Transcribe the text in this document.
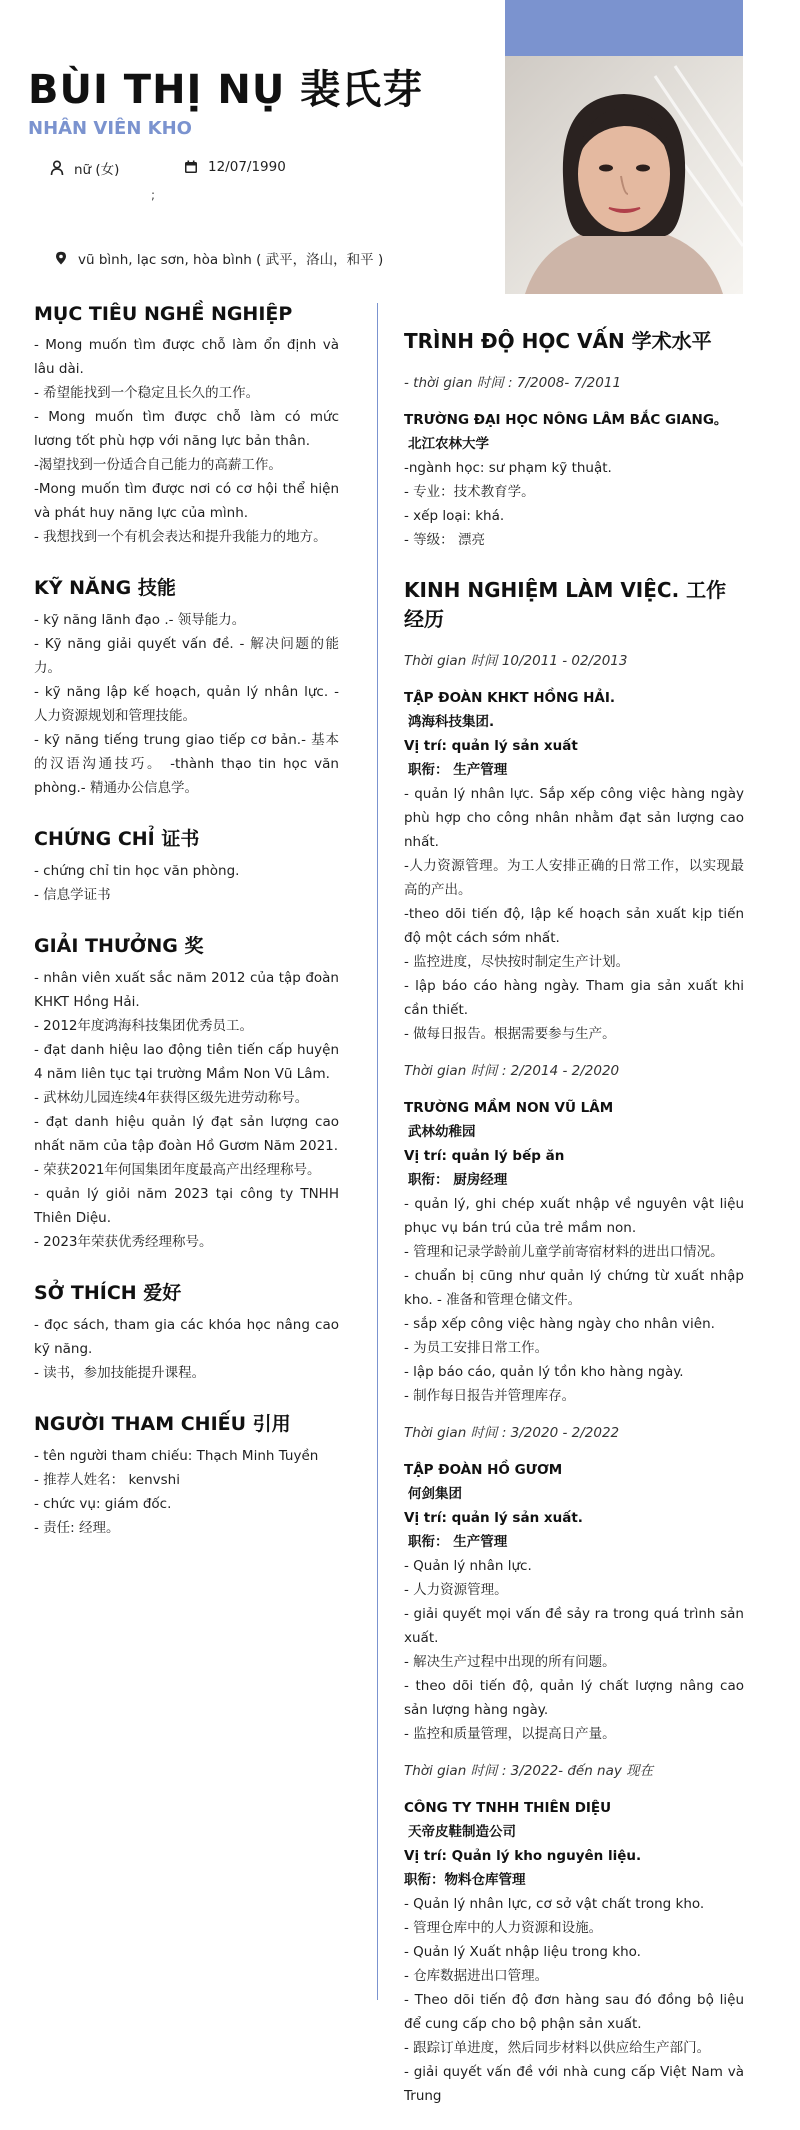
BÙI THỊ NỤ 裴氏芽
NHÂN VIÊN KHO
nữ (女)	12/07/1990
;
vũ bình, lạc sơn, hòa bình ( 武平，洛山，和平 )
MỤC TIÊU NGHỀ NGHIỆP
- Mong muốn tìm được chỗ làm ổn định và lâu dài.
- 希望能找到一个稳定且长久的工作。
- Mong muốn tìm được chỗ làm có mức lương tốt phù hợp với năng lực bản thân.
-渴望找到一份适合自己能力的高薪工作。
-Mong muốn tìm được nơi có cơ hội thể hiện và phát huy năng lực của mình.
- 我想找到一个有机会表达和提升我能力的地方。
KỸ NĂNG 技能
- kỹ năng lãnh đạo .- 领导能力。
- Kỹ năng giải quyết vấn đề. - 解决问题的能力。
- kỹ năng lập kế hoạch, quản lý nhân lực. - 人力资源规划和管理技能。
- kỹ năng tiếng trung giao tiếp cơ bản.- 基本的汉语沟通技巧。 -thành thạo tin học văn phòng.- 精通办公信息学。
CHỨNG CHỈ 证书
- chứng chỉ tin học văn phòng.
- 信息学证书
GIẢI THƯỞNG 奖
- nhân viên xuất sắc năm 2012 của tập đoàn KHKT Hồng Hải.
- 2012年度鸿海科技集团优秀员工。
- đạt danh hiệu lao động tiên tiến cấp huyện 4 năm liên tục tại trường Mầm Non Vũ Lâm.
- 武林幼儿园连续4年获得区级先进劳动称号。
- đạt danh hiệu quản lý đạt sản lượng cao nhất năm của tập đoàn Hồ Gươm Năm 2021.
- 荣获2021年何国集团年度最高产出经理称号。
- quản lý giỏi năm 2023 tại công ty TNHH Thiên Diệu.
- 2023年荣获优秀经理称号。
SỞ THÍCH 爱好
- đọc sách, tham gia các khóa học nâng cao kỹ năng.
- 读书，参加技能提升课程。
NGƯỜI THAM CHIẾU 引用
- tên người tham chiếu: Thạch Minh Tuyền
- 推荐人姓名： kenvshi
- chức vụ: giám đốc.
- 责任: 经理。
TRÌNH ĐỘ HỌC VẤN 学术水平
- thời gian 时间 : 7/2008- 7/2011
TRƯỜNG ĐẠI HỌC NÔNG LÂM BẮC GIANG。
北江农林大学
-ngành học: sư phạm kỹ thuật.
- 专业：技术教育学。
- xếp loại: khá.
- 等级： 漂亮
KINH NGHIỆM LÀM VIỆC. 工作经历
Thời gian 时间 10/2011 - 02/2013
TẬP ĐOÀN KHKT HỒNG HẢI.
鸿海科技集团.
Vị trí: quản lý sản xuất
职衔： 生产管理
- quản lý nhân lực. Sắp xếp công việc hàng ngày phù hợp cho công nhân nhằm đạt sản lượng cao nhất.
-人力资源管理。为工人安排正确的日常工作，以实现最高的产出。
-theo dõi tiến độ, lập kế hoạch sản xuất kịp tiến độ một cách sớm nhất.
- 监控进度，尽快按时制定生产计划。
- lập báo cáo hàng ngày. Tham gia sản xuất khi cần thiết.
- 做每日报告。根据需要参与生产。
Thời gian 时间 : 2/2014 - 2/2020
TRƯỜNG MẦM NON VŨ LÂM
武林幼稚园
Vị trí: quản lý bếp ăn
职衔： 厨房经理
- quản lý, ghi chép xuất nhập về nguyên vật liệu phục vụ bán trú của trẻ mầm non.
- 管理和记录学龄前儿童学前寄宿材料的进出口情况。
- chuẩn bị cũng như quản lý chứng từ xuất nhập kho. - 准备和管理仓储文件。
- sắp xếp công việc hàng ngày cho nhân viên.
- 为员工安排日常工作。
- lập báo cáo, quản lý tồn kho hàng ngày.
- 制作每日报告并管理库存。
Thời gian 时间 : 3/2020 - 2/2022
TẬP ĐOÀN HỒ GƯƠM
何剑集团
Vị trí: quản lý sản xuất.
职衔： 生产管理
- Quản lý nhân lực.
- 人力资源管理。
- giải quyết mọi vấn đề sảy ra trong quá trình sản xuất.
- 解决生产过程中出现的所有问题。
- theo dõi tiến độ, quản lý chất lượng nâng cao sản lượng hàng ngày.
- 监控和质量管理，以提高日产量。
Thời gian 时间 : 3/2022- đến nay 现在
CÔNG TY TNHH THIÊN DIỆU
天帝皮鞋制造公司
Vị trí: Quản lý kho nguyên liệu.
职衔：物料仓库管理
- Quản lý nhân lực, cơ sở vật chất trong kho.
- 管理仓库中的人力资源和设施。
- Quản lý Xuất nhập liệu trong kho.
- 仓库数据进出口管理。
- Theo dõi tiến độ đơn hàng sau đó đồng bộ liệu để cung cấp cho bộ phận sản xuất.
- 跟踪订单进度，然后同步材料以供应给生产部门。
- giải quyết vấn đề với nhà cung cấp Việt Nam và Trung
